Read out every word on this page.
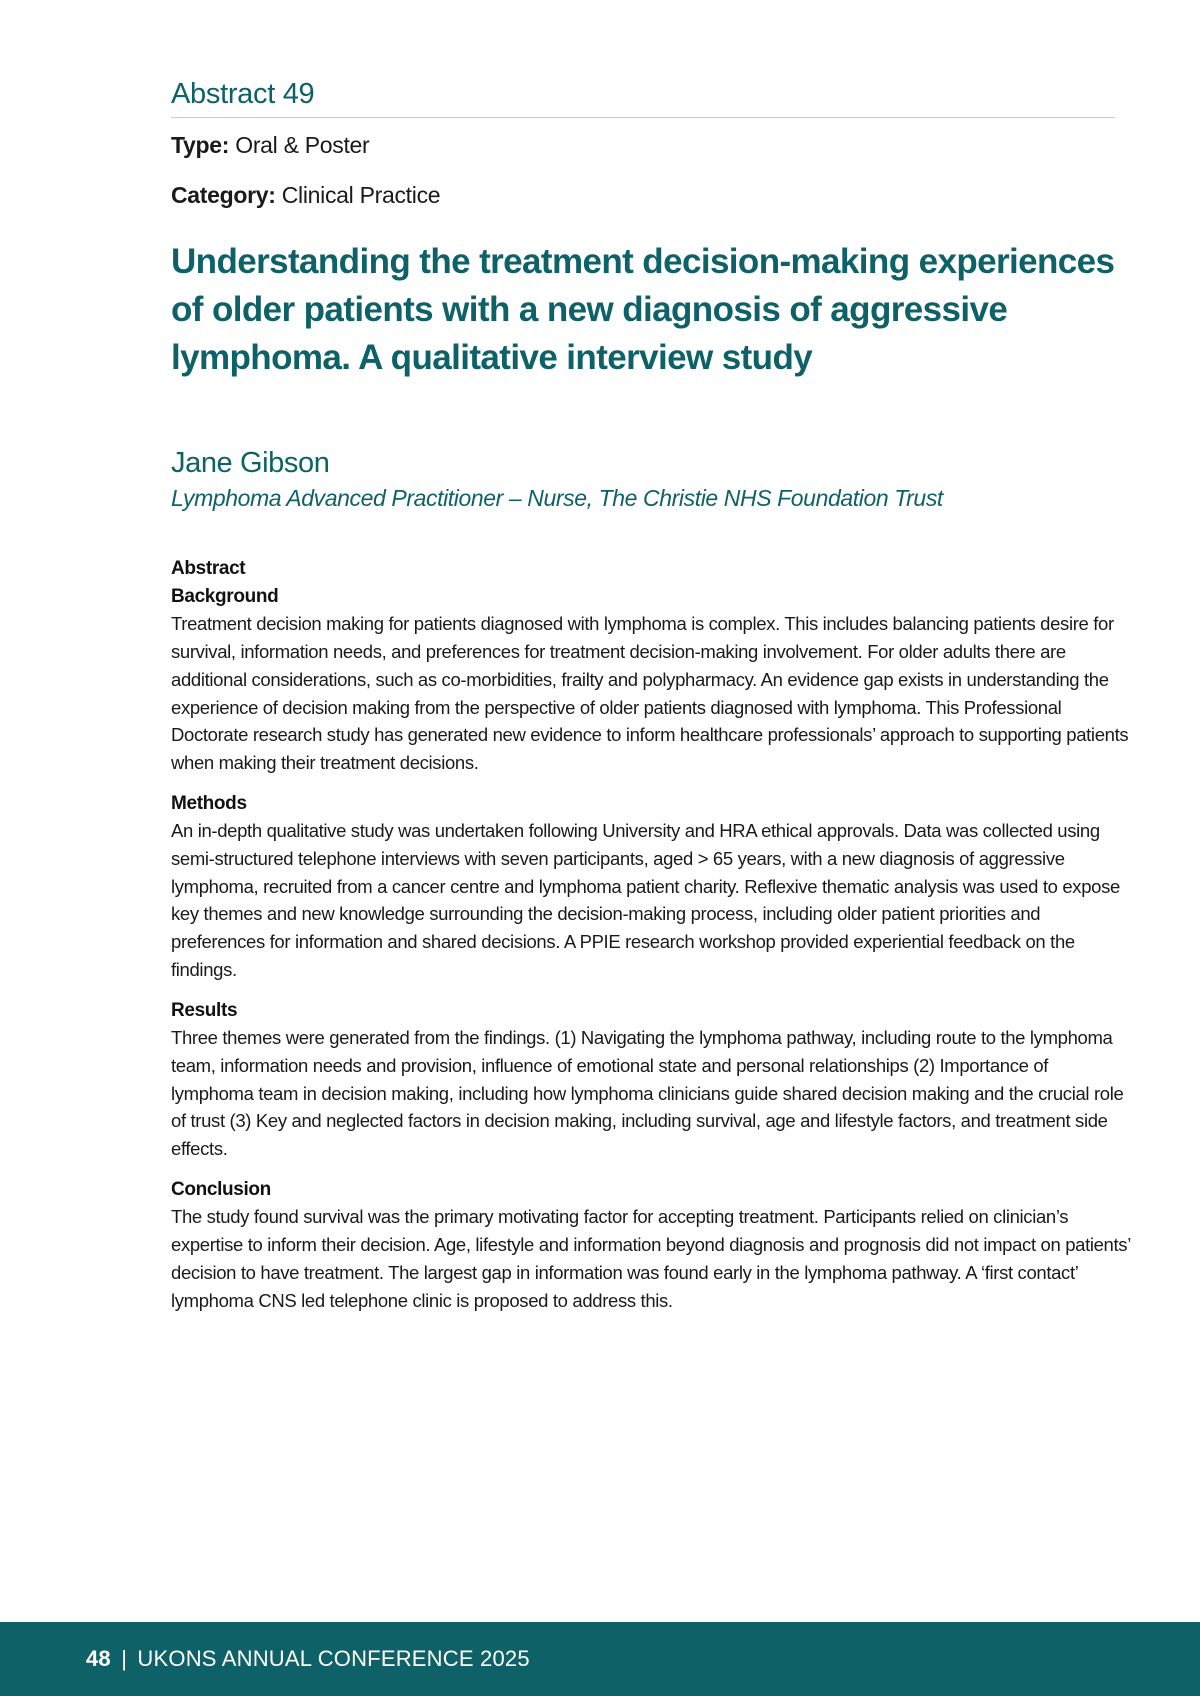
Abstract 49
Type: Oral & Poster
Category: Clinical Practice
Understanding the treatment decision-making experiences of older patients with a new diagnosis of aggressive lymphoma. A qualitative interview study
Jane Gibson
Lymphoma Advanced Practitioner – Nurse, The Christie NHS Foundation Trust
Abstract
Background

Treatment decision making for patients diagnosed with lymphoma is complex. This includes balancing patients desire for survival, information needs, and preferences for treatment decision-making involvement. For older adults there are additional considerations, such as co-morbidities, frailty and polypharmacy. An evidence gap exists in understanding the experience of decision making from the perspective of older patients diagnosed with lymphoma. This Professional Doctorate research study has generated new evidence to inform healthcare professionals’ approach to supporting patients when making their treatment decisions.

Methods

An in-depth qualitative study was undertaken following University and HRA ethical approvals. Data was collected using semi-structured telephone interviews with seven participants, aged > 65 years, with a new diagnosis of aggressive lymphoma, recruited from a cancer centre and lymphoma patient charity. Reflexive thematic analysis was used to expose key themes and new knowledge surrounding the decision-making process, including older patient priorities and preferences for information and shared decisions. A PPIE research workshop provided experiential feedback on the findings.

Results

Three themes were generated from the findings. (1) Navigating the lymphoma pathway, including route to the lymphoma team, information needs and provision, influence of emotional state and personal relationships (2) Importance of lymphoma team in decision making, including how lymphoma clinicians guide shared decision making and the crucial role of trust (3) Key and neglected factors in decision making, including survival, age and lifestyle factors, and treatment side effects.

Conclusion

The study found survival was the primary motivating factor for accepting treatment. Participants relied on clinician’s expertise to inform their decision. Age, lifestyle and information beyond diagnosis and prognosis did not impact on patients’ decision to have treatment. The largest gap in information was found early in the lymphoma pathway. A ‘first contact’ lymphoma CNS led telephone clinic is proposed to address this.

48 | UKONS ANNUAL CONFERENCE 2025
